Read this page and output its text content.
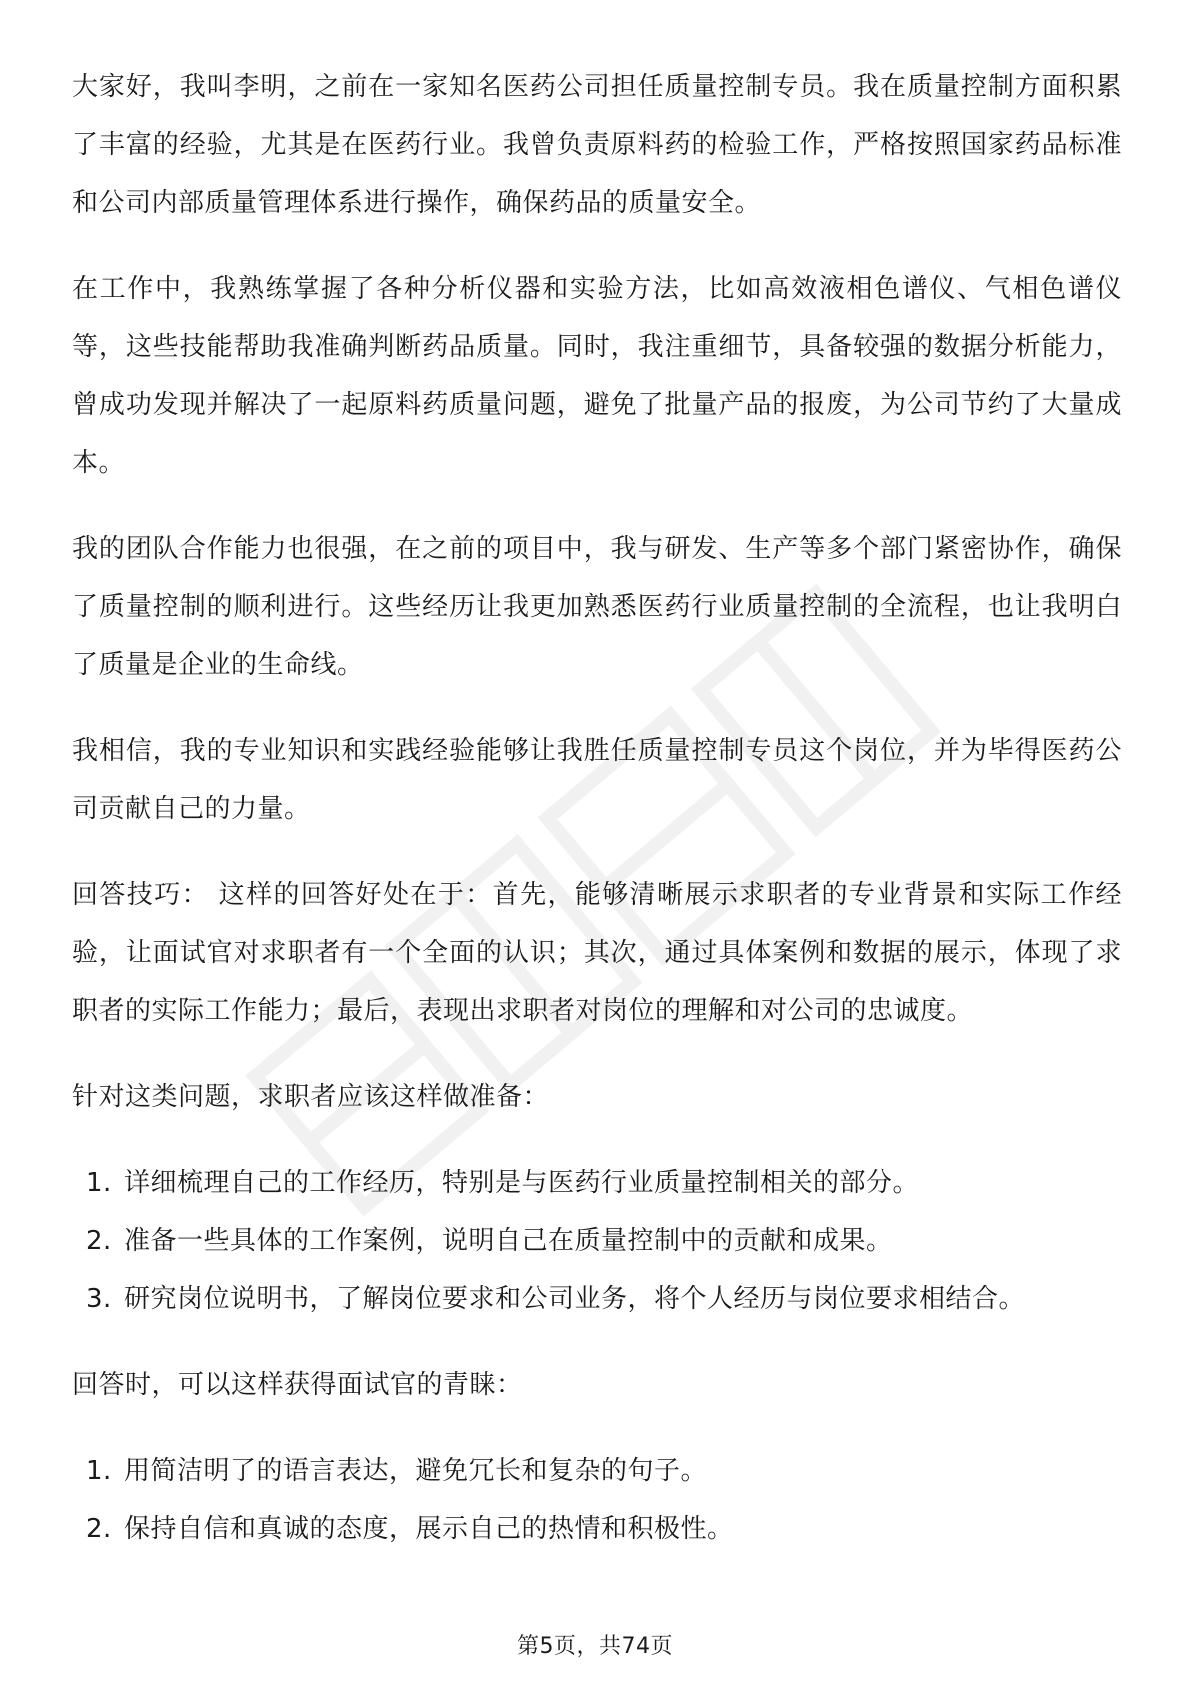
大家好，我叫李明，之前在一家知名医药公司担任质量控制专员。我在质量控制方面积累了丰富的经验，尤其是在医药行业。我曾负责原料药的检验工作，严格按照国家药品标准和公司内部质量管理体系进行操作，确保药品的质量安全。

在工作中，我熟练掌握了各种分析仪器和实验方法，比如高效液相色谱仪、气相色谱仪等，这些技能帮助我准确判断药品质量。同时，我注重细节，具备较强的数据分析能力，曾成功发现并解决了一起原料药质量问题，避免了批量产品的报废，为公司节约了大量成本。

我的团队合作能力也很强，在之前的项目中，我与研发、生产等多个部门紧密协作，确保了质量控制的顺利进行。这些经历让我更加熟悉医药行业质量控制的全流程，也让我明白了质量是企业的生命线。

我相信，我的专业知识和实践经验能够让我胜任质量控制专员这个岗位，并为毕得医药公司贡献自己的力量。

回答技巧： 这样的回答好处在于：首先，能够清晰展示求职者的专业背景和实际工作经验，让面试官对求职者有一个全面的认识；其次，通过具体案例和数据的展示，体现了求职者的实际工作能力；最后，表现出求职者对岗位的理解和对公司的忠诚度。

针对这类问题，求职者应该这样做准备：

1. 详细梳理自己的工作经历，特别是与医药行业质量控制相关的部分。
2. 准备一些具体的工作案例，说明自己在质量控制中的贡献和成果。
3. 研究岗位说明书，了解岗位要求和公司业务，将个人经历与岗位要求相结合。

回答时，可以这样获得面试官的青睐：

1. 用简洁明了的语言表达，避免冗长和复杂的句子。
2. 保持自信和真诚的态度，展示自己的热情和积极性。
第5页，共74页
